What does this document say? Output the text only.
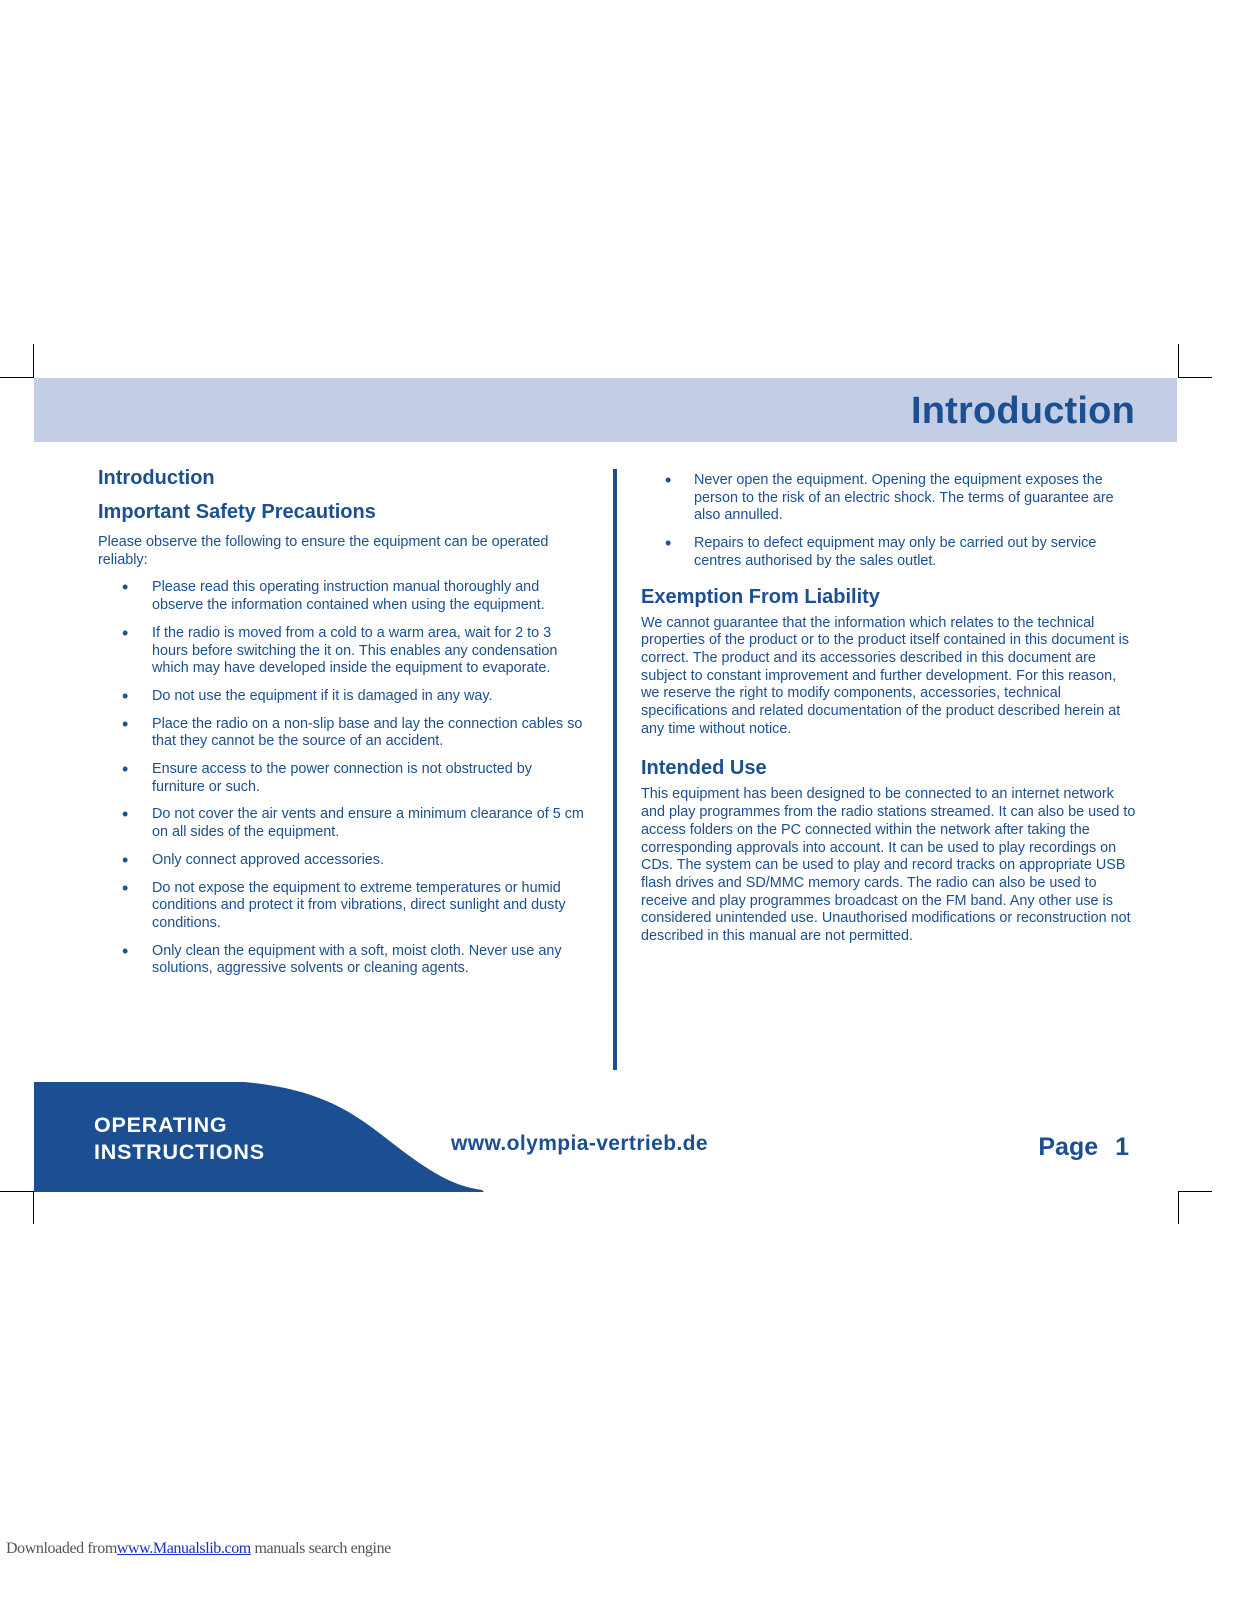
Introduction
Introduction
Important Safety Precautions

Please observe the following to ensure the equipment can be operated reliably:

• Please read this operating instruction manual thoroughly and observe the information contained when using the equipment.
• If the radio is moved from a cold to a warm area, wait for 2 to 3 hours before switching the it on. This enables any condensation which may have developed inside the equipment to evaporate.
• Do not use the equipment if it is damaged in any way.
• Place the radio on a non-slip base and lay the connection cables so that they cannot be the source of an accident.
• Ensure access to the power connection is not obstructed by furniture or such.
• Do not cover the air vents and ensure a minimum clearance of 5 cm on all sides of the equipment.
• Only connect approved accessories.
• Do not expose the equipment to extreme temperatures or humid conditions and protect it from vibrations, direct sunlight and dusty conditions.
• Only clean the equipment with a soft, moist cloth. Never use any solutions, aggressive solvents or cleaning agents.
• Never open the equipment. Opening the equipment exposes the person to the risk of an electric shock. The terms of guarantee are also annulled.
• Repairs to defect equipment may only be carried out by service centres authorised by the sales outlet.
Exemption From Liability

We cannot guarantee that the information which relates to the technical properties of the product or to the product itself contained in this document is correct. The product and its accessories described in this document are subject to constant improvement and further development. For this reason, we reserve the right to modify components, accessories, technical specifications and related documentation of the product described herein at any time without notice.

Intended Use

This equipment has been designed to be connected to an internet network and play programmes from the radio stations streamed. It can also be used to access folders on the PC connected within the network after taking the corresponding approvals into account. It can be used to play recordings on CDs. The system can be used to play and record tracks on appropriate USB flash drives and SD/MMC memory cards. The radio can also be used to receive and play programmes broadcast on the FM band. Any other use is considered unintended use. Unauthorised modifications or reconstruction not described in this manual are not permitted.

OPERATING
INSTRUCTIONS	www.olympia-vertrieb.de	Page 1
Downloaded fromwww.Manualslib.com manuals search engine
